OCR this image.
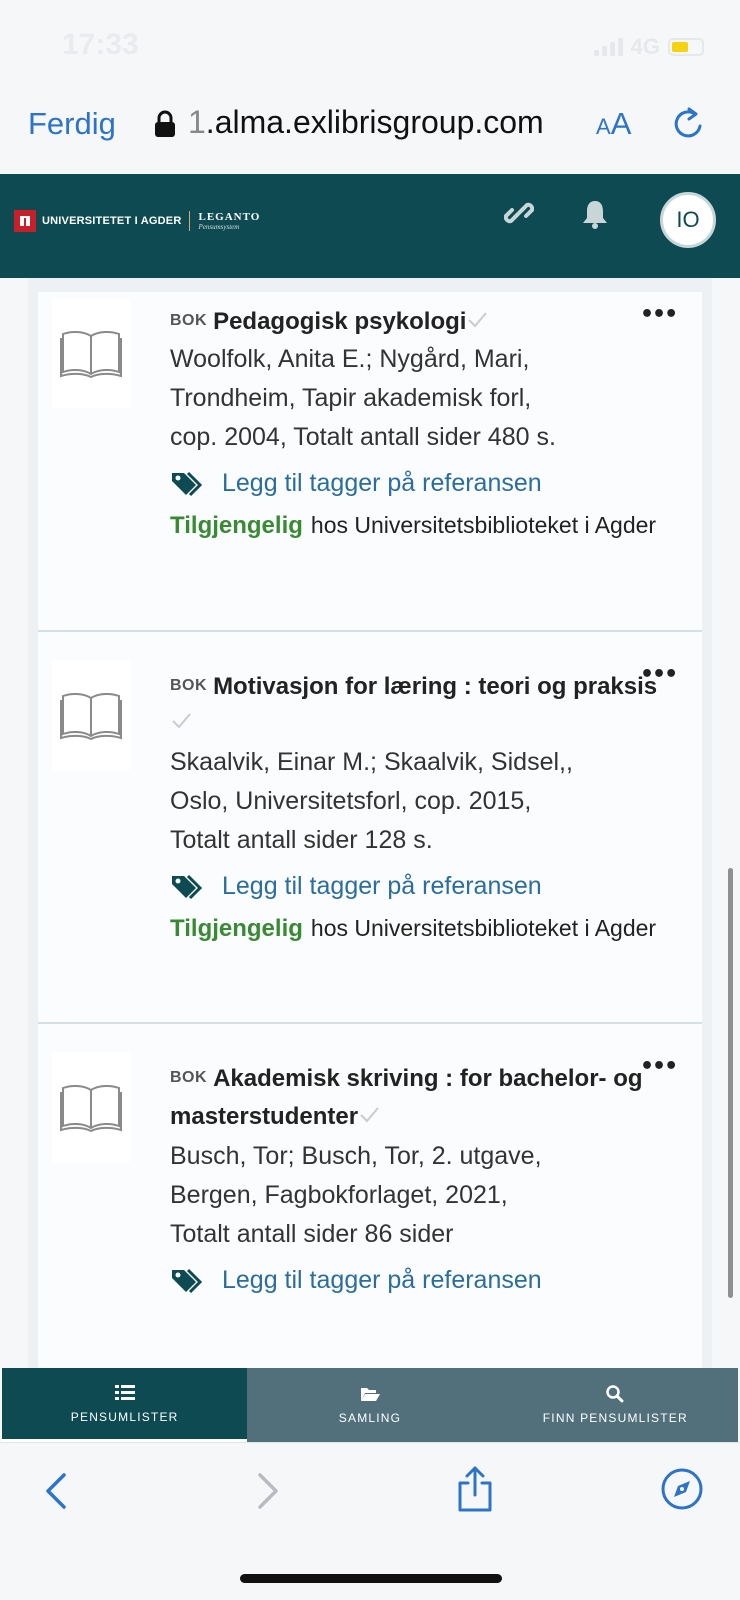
17:33	4G
Ferdig 1.alma.exlibrisgroup.com AA
UNIVERSITETET I AGDER LEGANTO
Pensumsystem	IO
•••
BOK Pedagogisk psykologi
Woolfolk, Anita E.; Nygård, Mari,
Trondheim, Tapir akademisk forl,
cop. 2004, Totalt antall sider 480 s.
Legg til tagger på referansen
Tilgjengelig hos Universitetsbiblioteket i Agder
•••
BOK Motivasjon for læring : teori og praksis
Skaalvik, Einar M.; Skaalvik, Sidsel,,
Oslo, Universitetsforl, cop. 2015,
Totalt antall sider 128 s.
Legg til tagger på referansen
Tilgjengelig hos Universitetsbiblioteket i Agder
•••
BOK Akademisk skriving : for bachelor- og masterstudenter
Busch, Tor; Busch, Tor, 2. utgave,
Bergen, Fagbokforlaget, 2021,
Totalt antall sider 86 sider
Legg til tagger på referansen
PENSUMLISTER	SAMLING	FINN PENSUMLISTER
